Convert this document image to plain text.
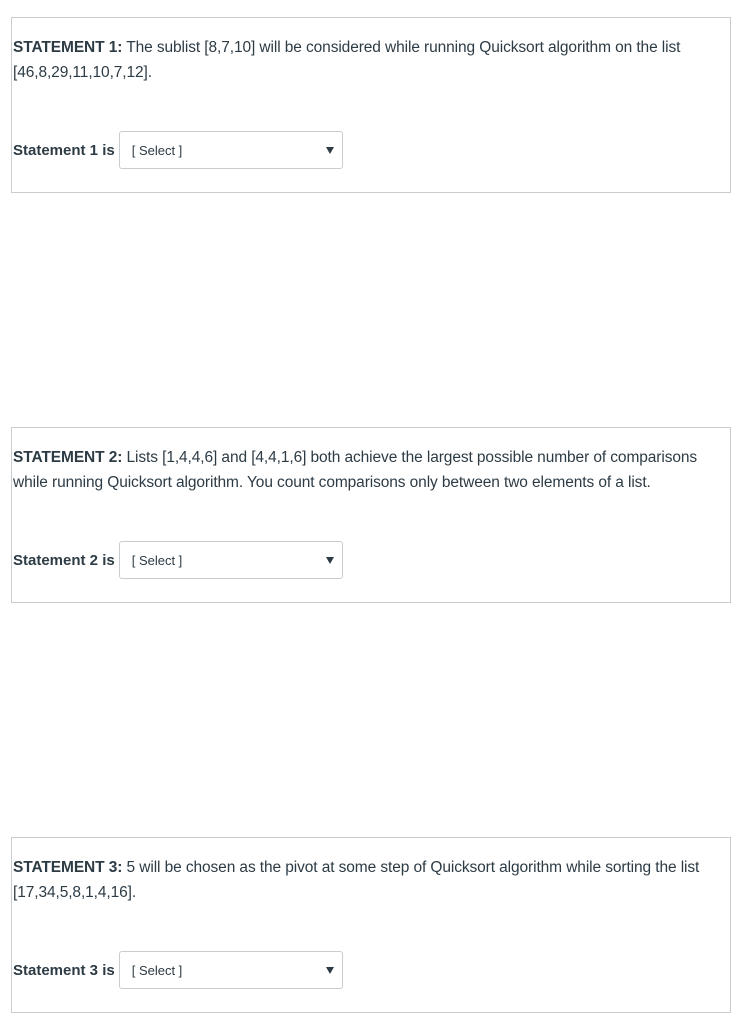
STATEMENT 1: The sublist [8,7,10] will be considered while running Quicksort algorithm on the list [46,8,29,11,10,7,12].

Statement 1 is [ Select ]

STATEMENT 2: Lists [1,4,4,6] and [4,4,1,6] both achieve the largest possible number of comparisons while running Quicksort algorithm. You count comparisons only between two elements of a list.

Statement 2 is [ Select ]

STATEMENT 3: 5 will be chosen as the pivot at some step of Quicksort algorithm while sorting the list [17,34,5,8,1,4,16].

Statement 3 is [ Select ]
